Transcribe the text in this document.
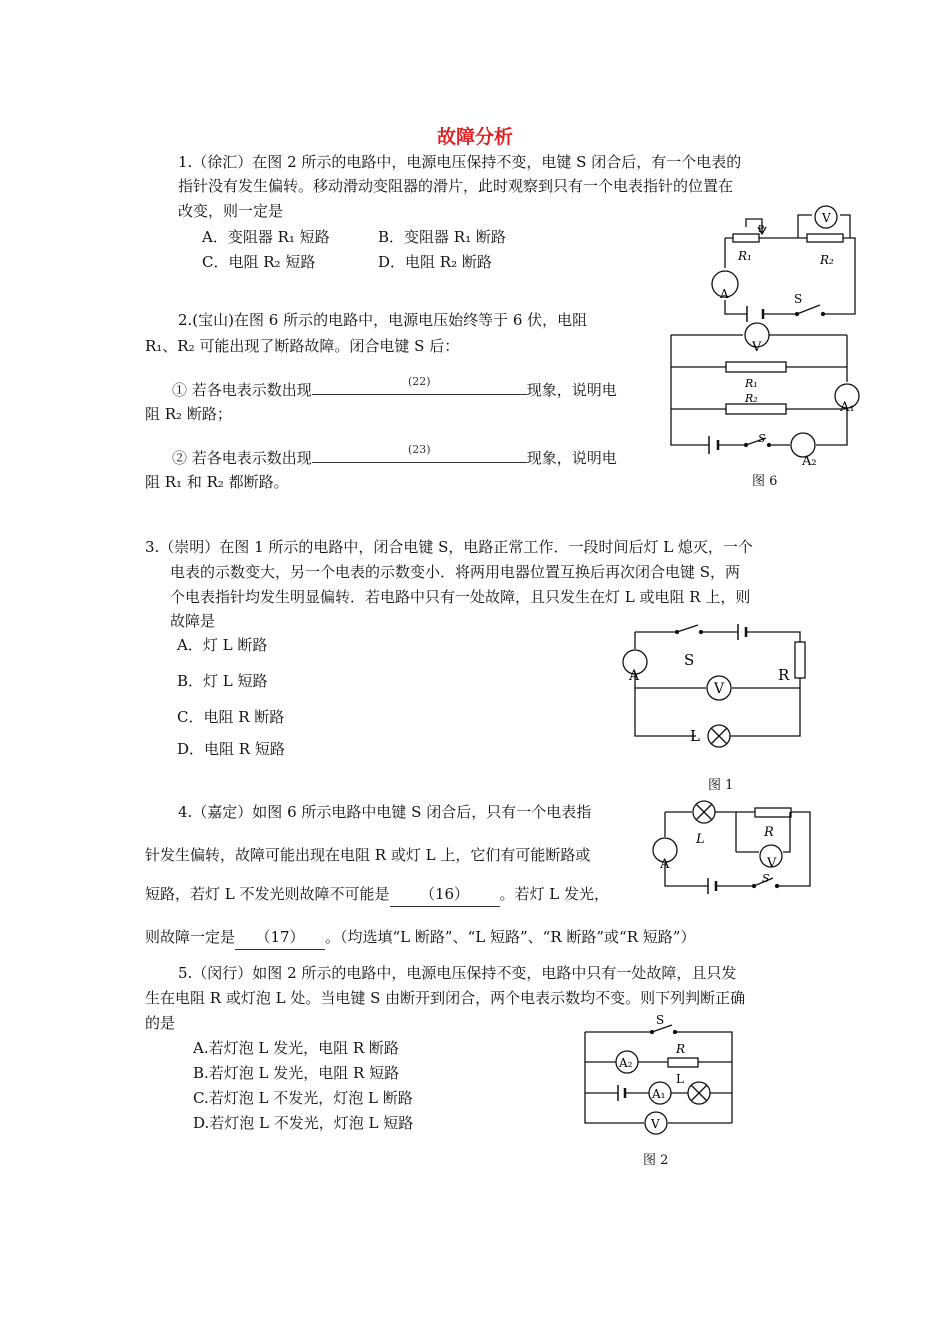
故障分析
1.（徐汇）在图 2 所示的电路中，电源电压保持不变，电键 S 闭合后，有一个电表的
指针没有发生偏转。移动滑动变阻器的滑片，此时观察到只有一个电表指针的位置在
改变，则一定是
A．变阻器 R₁ 短路	B．变阻器 R₁ 断路
C．电阻 R₂ 短路	D．电阻 R₂ 断路
V
P
R₁	R₂
A	S
2.(宝山)在图 6 所示的电路中，电源电压始终等于 6 伏，电阻
R₁、R₂ 可能出现了断路故障。闭合电键 S 后：
① 若各电表示数出现	(22)	现象，说明电
阻 R₂ 断路；
② 若各电表示数出现	(23)	现象，说明电
阻 R₁ 和 R₂ 都断路。
V
R₁
R₂
A₁
S
A₂
图 6
3.（崇明）在图 1 所示的电路中，闭合电键 S，电路正常工作．一段时间后灯 L 熄灭，一个
电表的示数变大，另一个电表的示数变小．将两用电器位置互换后再次闭合电键 S，两
个电表指针均发生明显偏转．若电路中只有一处故障，且只发生在灯 L 或电阻 R 上，则
故障是
A．灯 L 断路
B．灯 L 短路
C．电阻 R 断路
D．电阻 R 短路
S
R
A
V
L
图 1
4.（嘉定）如图 6 所示电路中电键 S 闭合后，只有一个电表指
针发生偏转，故障可能出现在电阻 R 或灯 L 上，它们有可能断路或
短路，若灯 L 不发光则故障不可能是 （16） 。若灯 L 发光，
则故障一定是 （17） 。（均选填“L 断路”、“L 短路”、“R 断路”或“R 短路”）
L	R
A	V
S
5.（闵行）如图 2 所示的电路中，电源电压保持不变，电路中只有一处故障，且只发
生在电阻 R 或灯泡 L 处。当电键 S 由断开到闭合，两个电表示数均不变。则下列判断正确
的是
A.若灯泡 L 发光，电阻 R 断路
B.若灯泡 L 发光，电阻 R 短路
C.若灯泡 L 不发光，灯泡 L 断路
D.若灯泡 L 不发光，灯泡 L 短路
S
A₂
R
L
A₁
V
图 2
